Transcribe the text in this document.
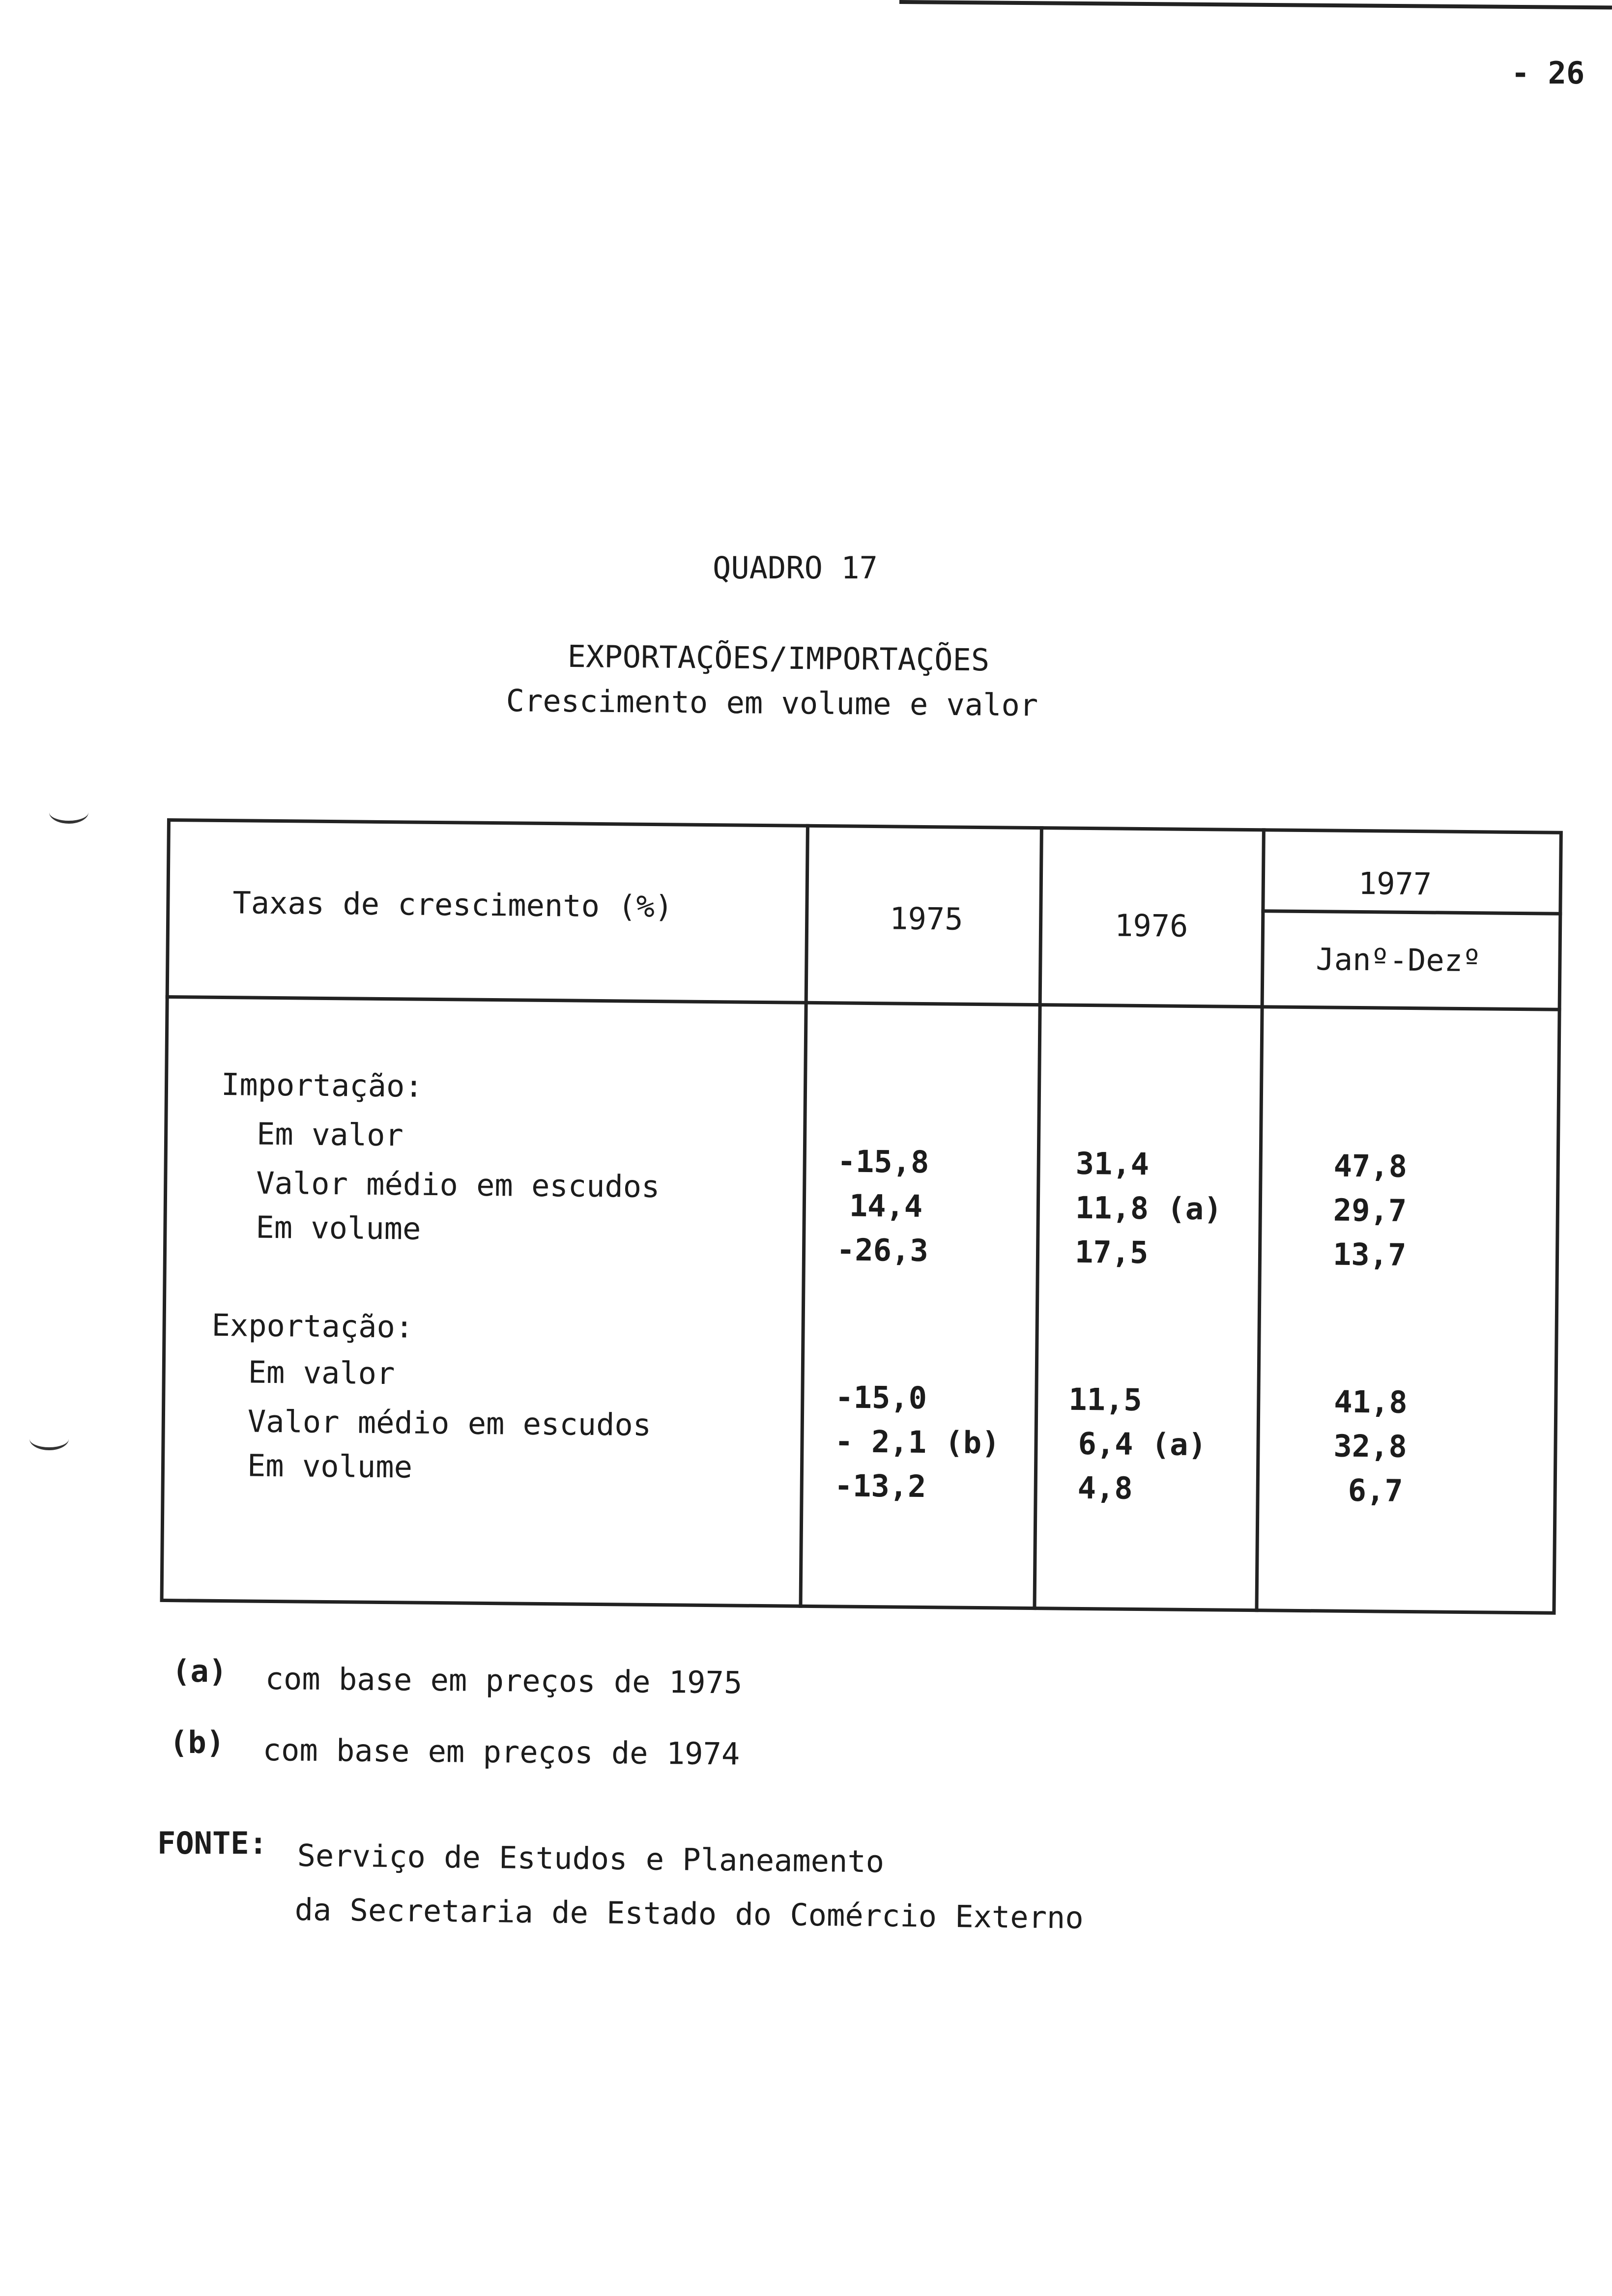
- 26
QUADRO 17
EXPORTAÇÕES/IMPORTAÇÕES
Crescimento em volume e valor
Taxas de crescimento (%)	1975	1976
1977
Janº-Dezº
Importação:
Em valor
Valor médio em escudos
Em volume
-15,8
14,4
-26,3
31,4
11,8 (a)
17,5
47,8
29,7
13,7
Exportação:
Em valor
Valor médio em escudos
Em volume
-15,0
- 2,1 (b)
-13,2
11,5
6,4 (a)
4,8
41,8
32,8
6,7
(a) com base em preços de 1975
(b) com base em preços de 1974
FONTE: Serviço de Estudos e Planeamento
da Secretaria de Estado do Comércio Externo
